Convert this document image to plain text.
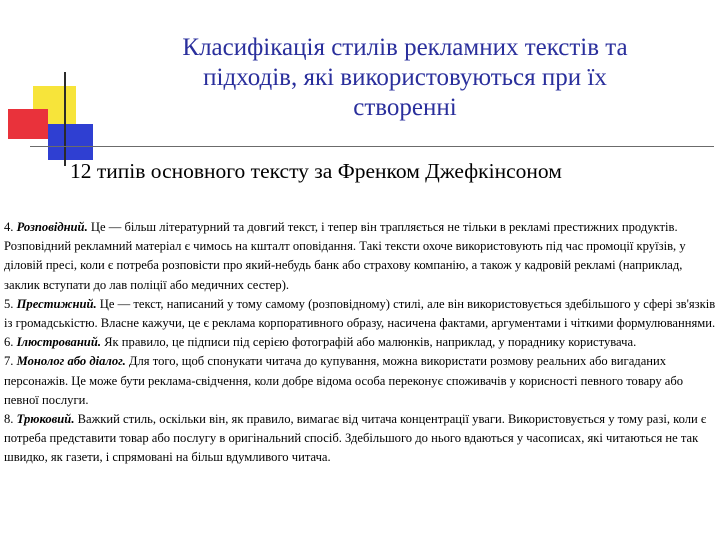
Класифікація стилів рекламних текстів та
підходів, які використовуються при їх
створенні
12 типів основного тексту за Френком Джефкінсоном

4. Розповідний. Це — більш літературний та довгий текст, і тепер він трапляється не тільки в рекламі престижних продуктів. Розповідний рекламний матеріал є чимось на кшталт оповідання. Такі тексти охоче використовують під час промоції круїзів, у діловій пресі, коли є потреба розповісти про який-небудь банк або страхову компанію, а також у кадровій рекламі (наприклад, заклик вступати до лав поліції або медичних сестер).

5. Престижний. Це — текст, написаний у тому самому (розповідному) стилі, але він використовується здебільшого у сфері зв'язків із громадськістю. Власне кажучи, це є реклама корпоративного образу, насичена фактами, аргументами і чіткими формулюваннями.

6. Ілюстрований. Як правило, це підписи під серією фотографій або малюнків, наприклад, у порадникy користувача.

7. Монолог або діалог. Для того, щоб спонукати читача до купування, можна використати розмову реальних або вигаданих персонажів. Це може бути реклама-свідчення, коли добре відома особа переконує споживачів у корисності певного товару або певної послуги.

8. Трюковий. Важкий стиль, оскільки він, як правило, вимагає від читача концентрації уваги. Використовується у тому разі, коли є потреба представити товар або послугу в оригінальний спосіб. Здебільшого до нього вдаються у часописах, які читаються не так швидко, як газети, і спрямовані на більш вдумливого читача.
